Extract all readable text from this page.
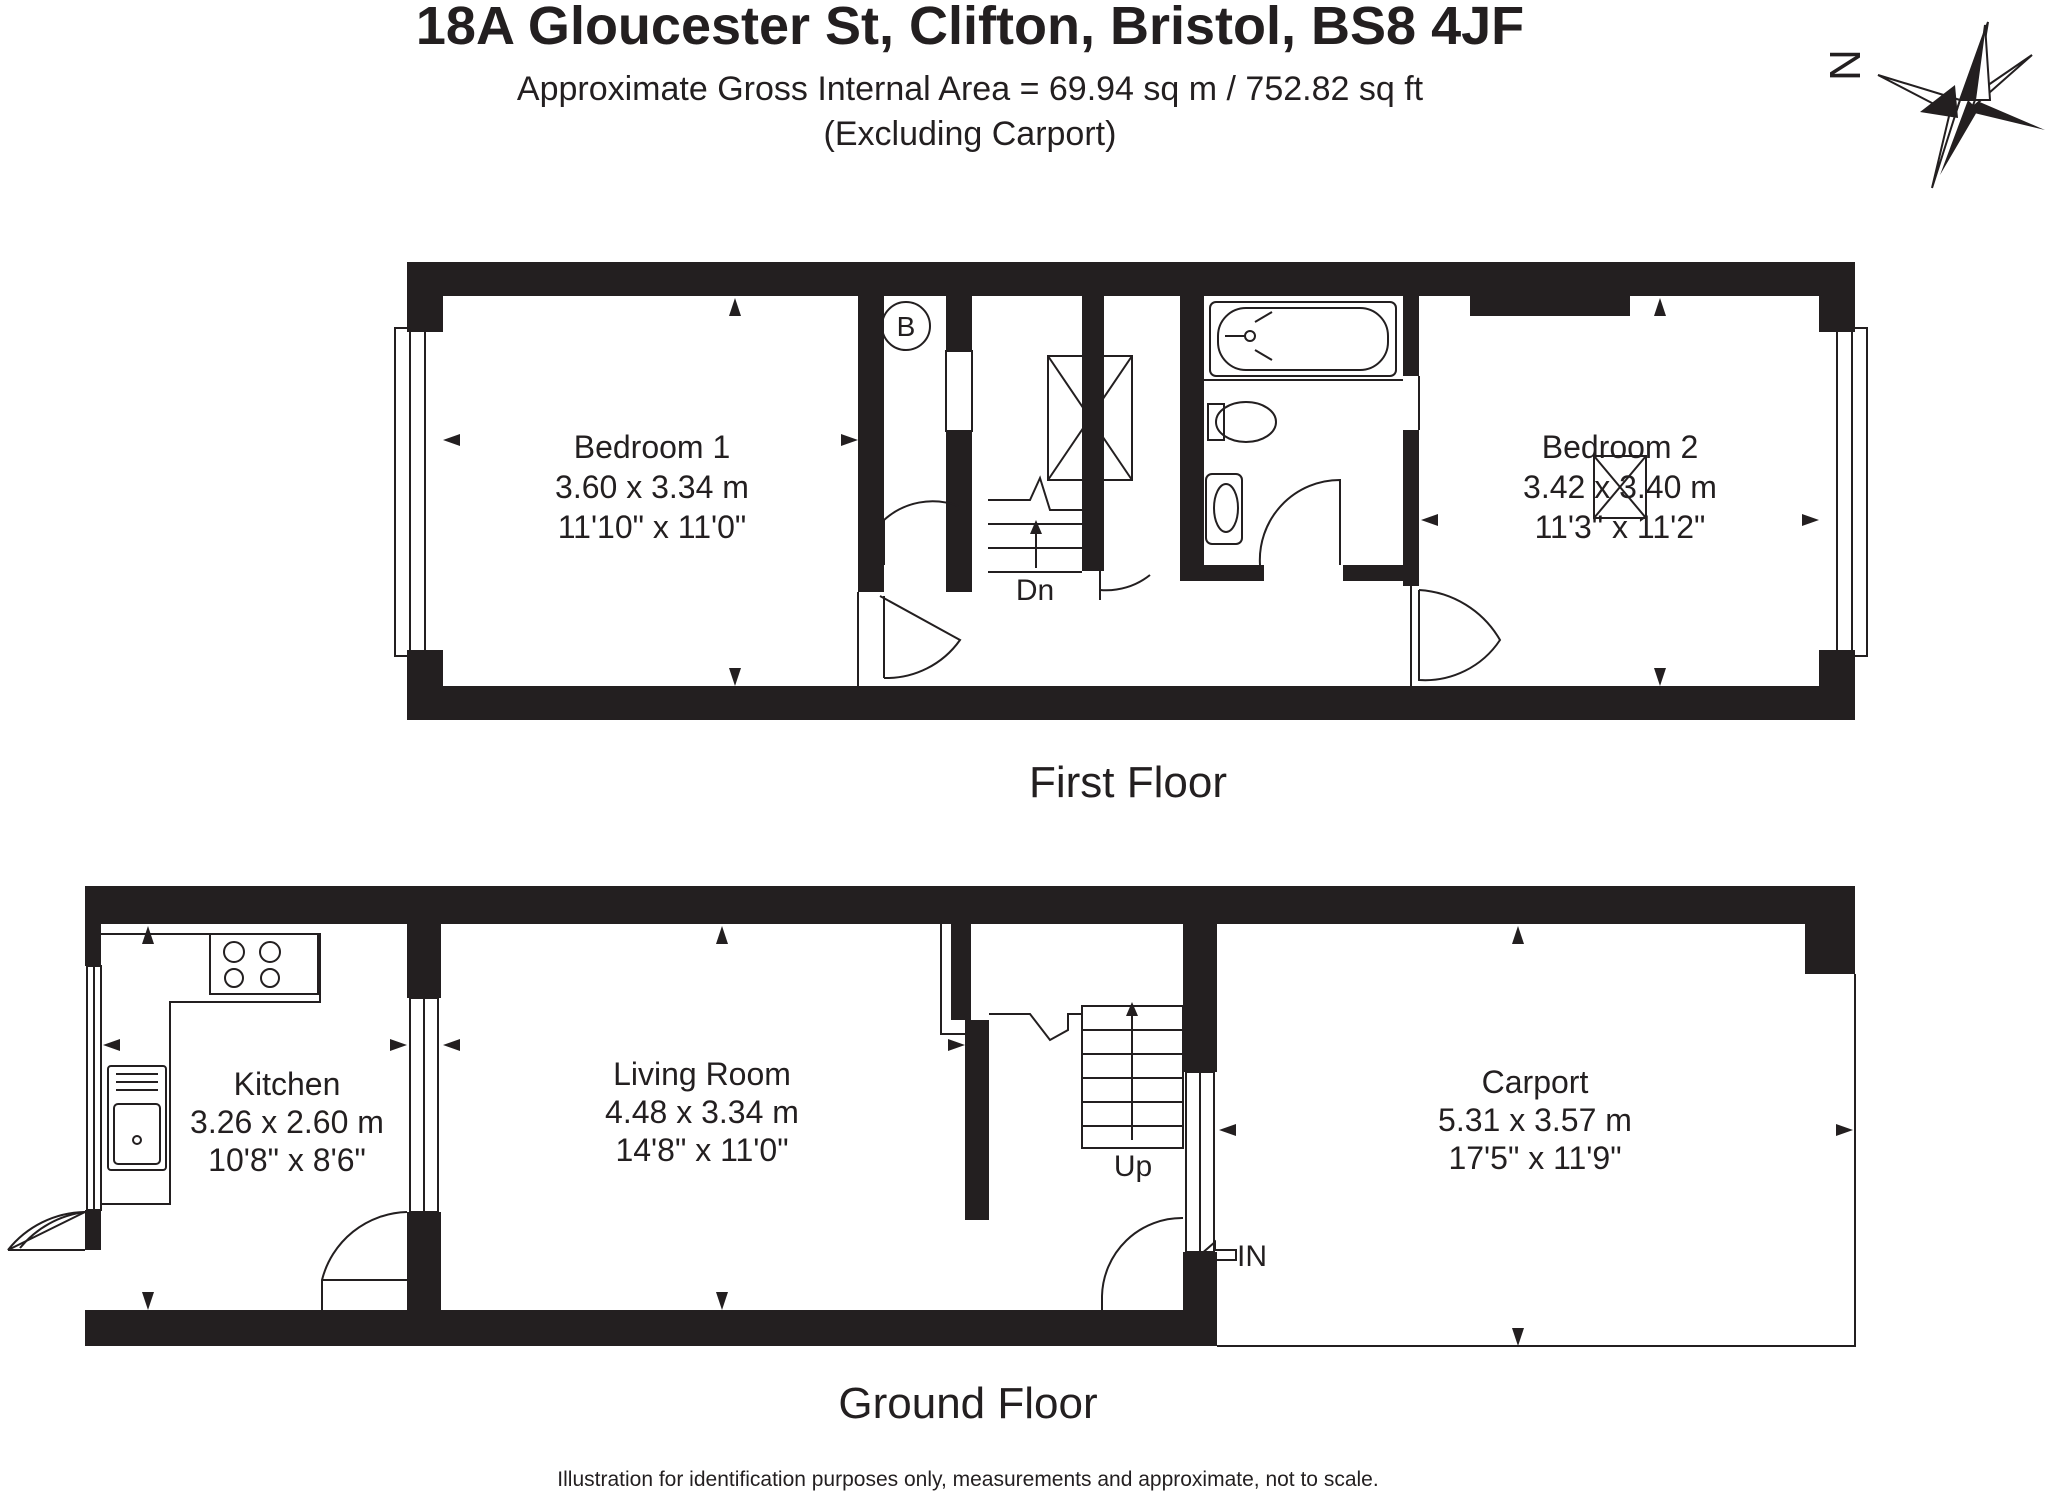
18A Gloucester St, Clifton, Bristol, BS8 4JF
Approximate Gross Internal Area = 69.94 sq m / 752.82 sq ft
(Excluding Carport)
N
Dn
B
Bedroom 1
3.60 x 3.34 m
11'10" x 11'0"
Bedroom 2
3.42 x 3.40 m
11'3" x 11'2"
First Floor
Up
IN
Kitchen
3.26 x 2.60 m
10'8" x 8'6"
Living Room
4.48 x 3.34 m
14'8" x 11'0"
Carport
5.31 x 3.57 m
17'5" x 11'9"
Ground Floor
Illustration for identification purposes only, measurements and approximate, not to scale.
